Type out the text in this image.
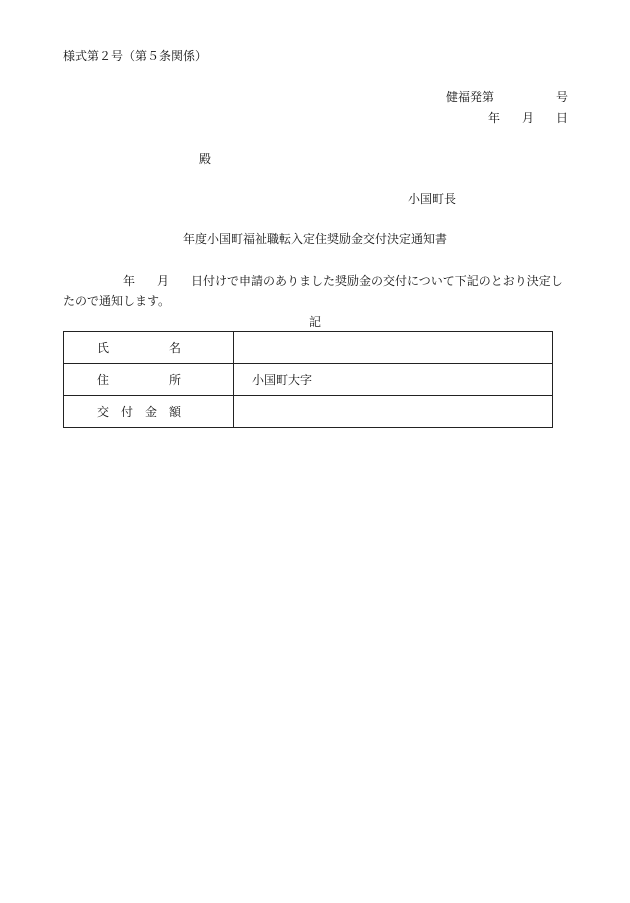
様式第２号（第５条関係）
健福発第	号
年 月 日
殿
小国町長
年度小国町福祉職転入定住奨励金交付決定通知書
年 月 日付けで申請のありました奨励金の交付について下記のとおり決定したので通知します。
記
氏 名	

住 所	小国町大字

交 付 金 額	
